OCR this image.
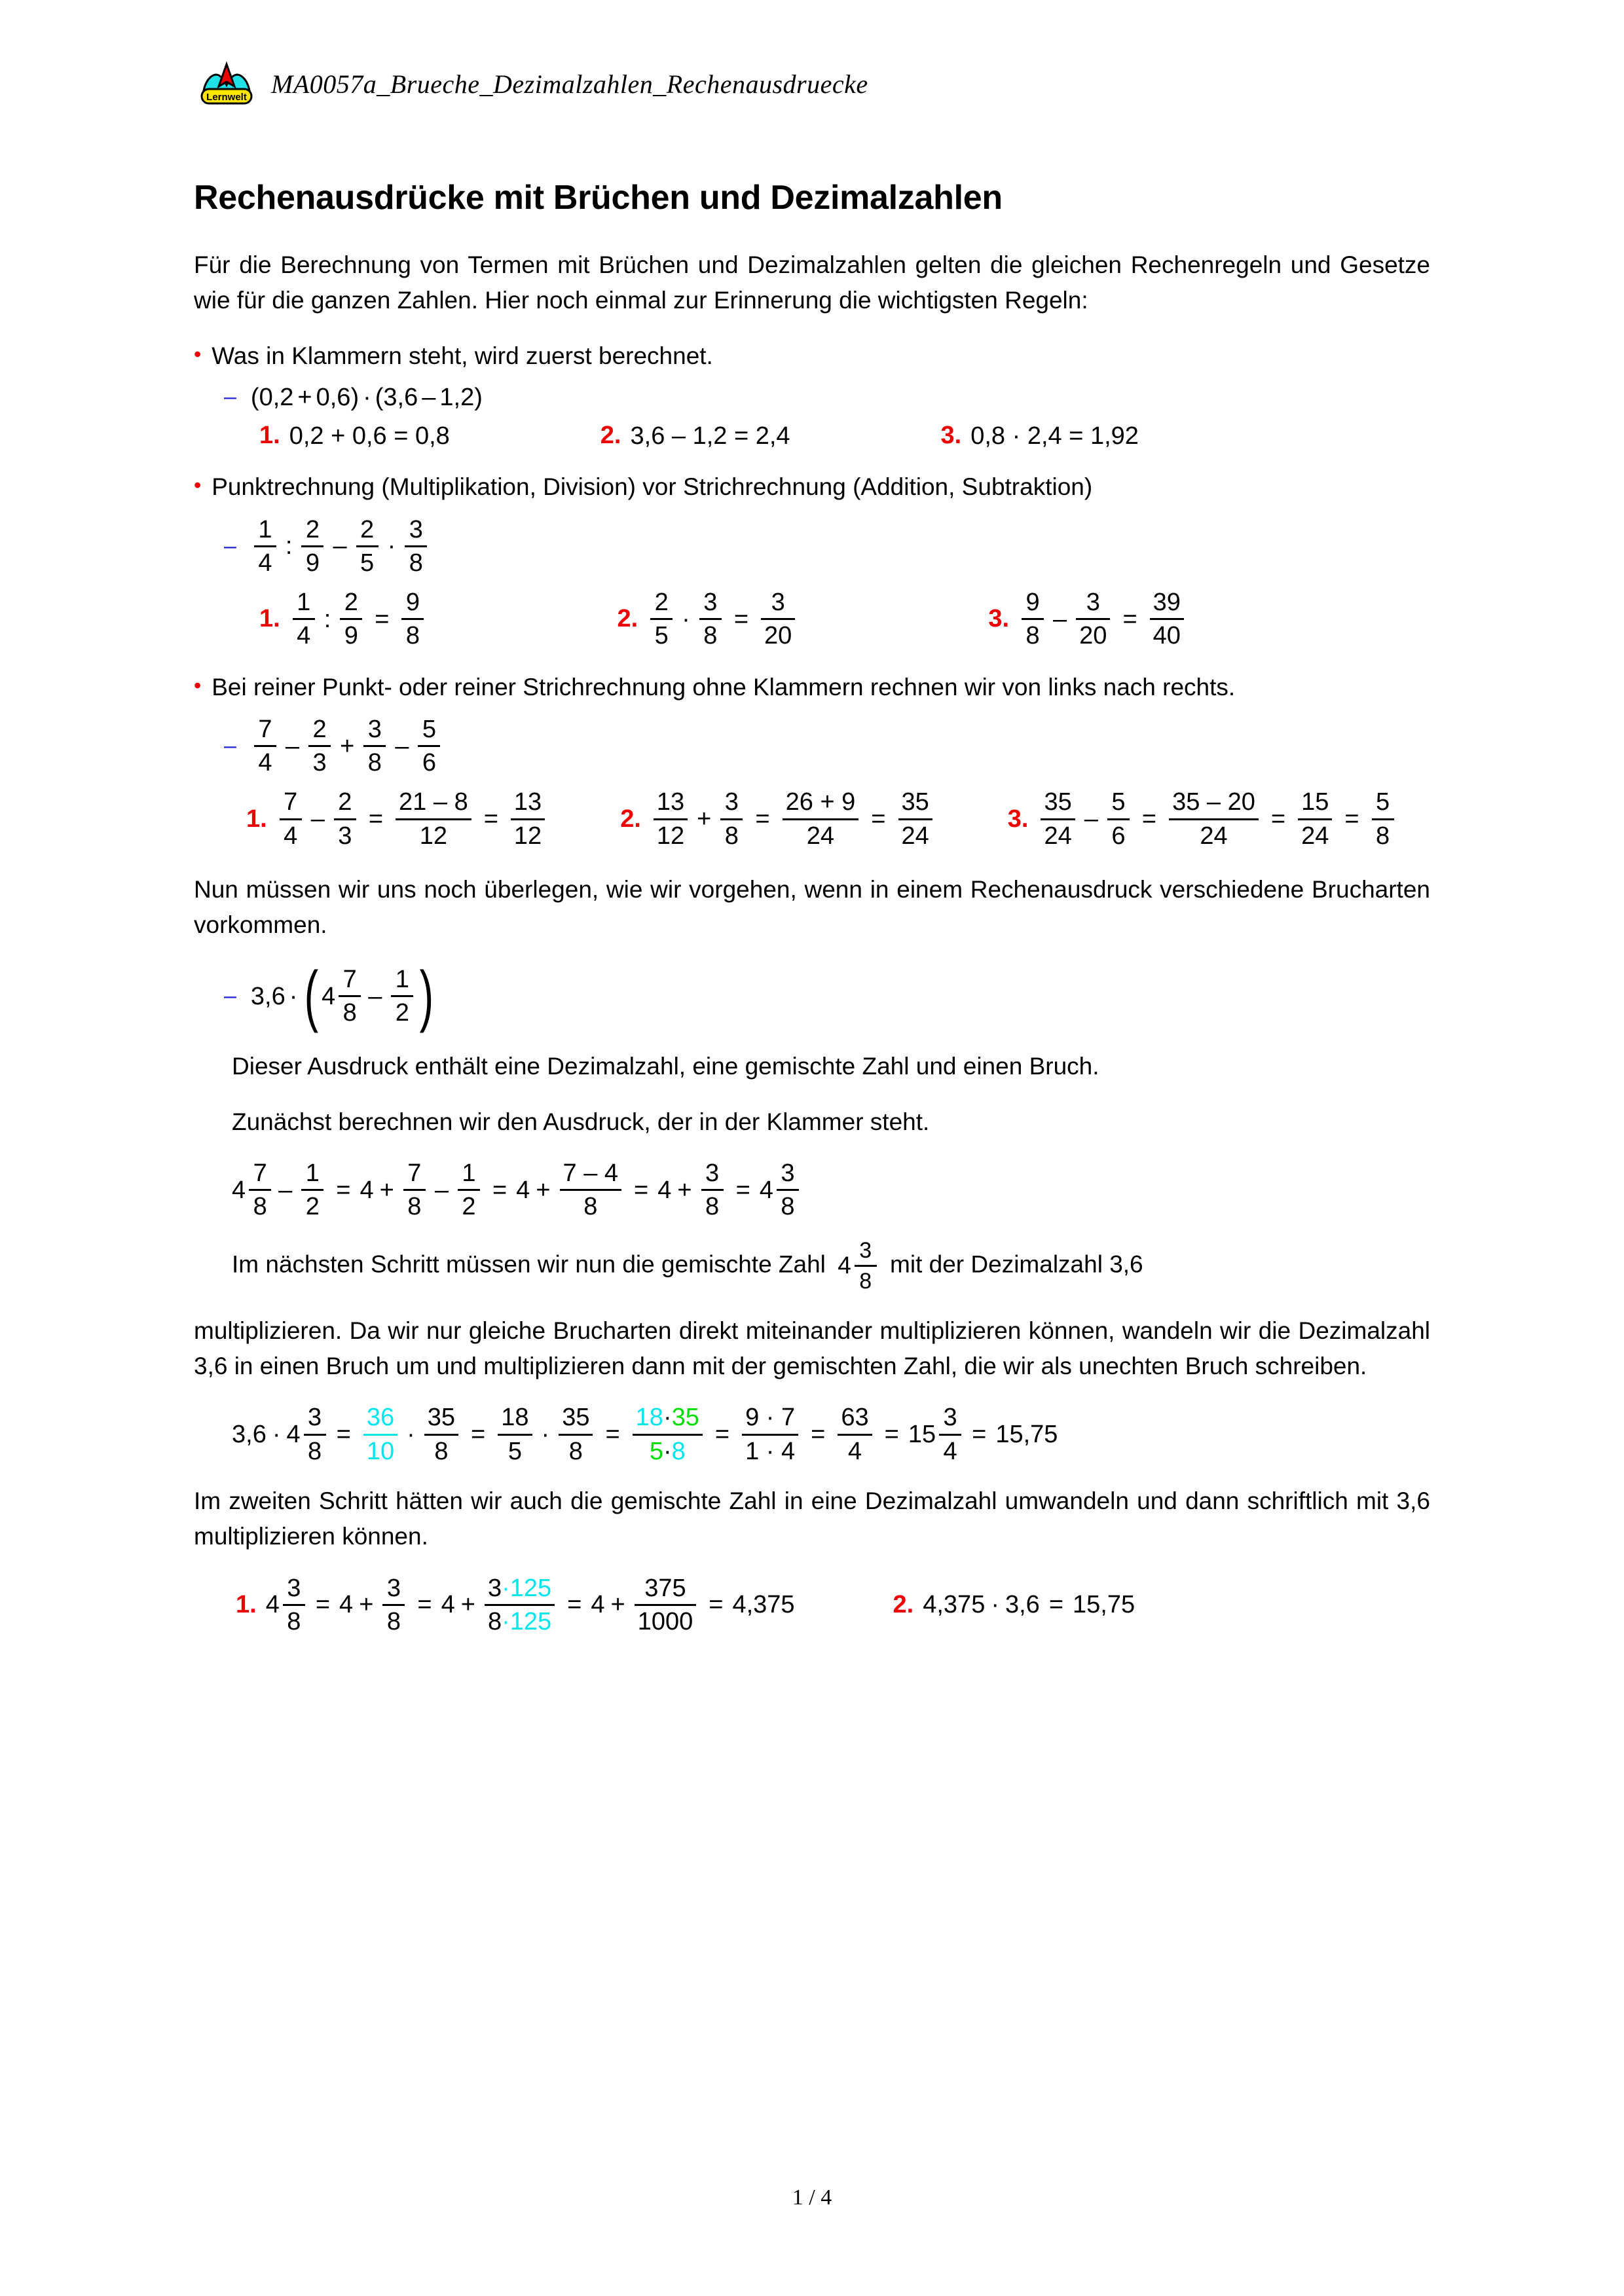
Lernwelt MA0057a_Brueche_Dezimalzahlen_Rechenausdruecke
Rechenausdrücke mit Brüchen und Dezimalzahlen

Für die Berechnung von Termen mit Brüchen und Dezimalzahlen gelten die gleichen Rechenregeln und Gesetze wie für die ganzen Zahlen. Hier noch einmal zur Erinnerung die wichtigsten Regeln:

• Was in Klammern steht, wird zuerst berechnet.
– ( 0,2 + 0,6 ) · ( 3,6 – 1,2 )
1. 0,2 + 0,6 = 0,8	2. 3,6 – 1,2 = 2,4	3. 0,8 · 2,4 = 1,92
• Punktrechnung (Multiplikation, Division) vor Strichrechnung (Addition, Subtraktion)
– $\frac{1}{4}$ : $\frac{2}{9} - \frac{2}{5} \cdot \frac{3}{8}$
1. $\frac{1}{4}$ : $\frac{2}{9} = \frac{9}{8}$	2. $\frac{2}{5} \cdot \frac{3}{8} = \frac{3}{20}$	3. $\frac{9}{8} - \frac{3}{20} = \frac{39}{40}$
• Bei reiner Punkt- oder reiner Strichrechnung ohne Klammern rechnen wir von links nach rechts.
– $\frac{7}{4} - \frac{2}{3} + \frac{3}{8} - \frac{5}{6}$
1. $\frac{7}{4} - \frac{2}{3} = \frac{21 - 8}{12} = \frac{13}{12}$	2. $\frac{13}{12} + \frac{3}{8} = \frac{26 + 9}{24} = \frac{35}{24}$	3. $\frac{35}{24} - \frac{5}{6} = \frac{35 - 20}{24} = \frac{15}{24} = \frac{5}{8}$

Nun müssen wir uns noch überlegen, wie wir vorgehen, wenn in einem Rechenausdruck verschiedene Brucharten vorkommen.

– 3,6 · ( $4 \frac{7}{8} - \frac{1}{2}$ )

Dieser Ausdruck enthält eine Dezimalzahl, eine gemischte Zahl und einen Bruch.

Zunächst berechnen wir den Ausdruck, der in der Klammer steht.

$4 \frac{7}{8} - \frac{1}{2} = 4 + \frac{7}{8} - \frac{1}{2} = 4 + \frac{7 - 4}{8} = 4 + \frac{3}{8} = 4 \frac{3}{8}$

Im nächsten Schritt müssen wir nun die gemischte Zahl $4 \frac{3}{8}$ mit der Dezimalzahl 3,6

multiplizieren. Da wir nur gleiche Brucharten direkt miteinander multiplizieren können, wandeln wir die Dezimalzahl 3,6 in einen Bruch um und multiplizieren dann mit der gemischten Zahl, die wir als unechten Bruch schreiben.

$3,6 \cdot 4 \frac{3}{8} = \frac{36}{10} \cdot \frac{35}{8} = \frac{18}{5} \cdot \frac{35}{8} = \frac{18\cdot 35}{5\cdot 8} = \frac{9 \cdot 7}{1 \cdot 4} = \frac{63}{4} = 15 \frac{3}{4} = 15,75$

Im zweiten Schritt hätten wir auch die gemischte Zahl in eine Dezimalzahl umwandeln und dann schriftlich mit 3,6 multiplizieren können.

1. $4 \frac{3}{8} = 4 + \frac{3}{8} = 4 + \frac{3\cdot 125}{8\cdot 125} = 4 + \frac{375}{1000} = 4,375$	2. 4,375 · 3,6 = 15,75
1 / 4
